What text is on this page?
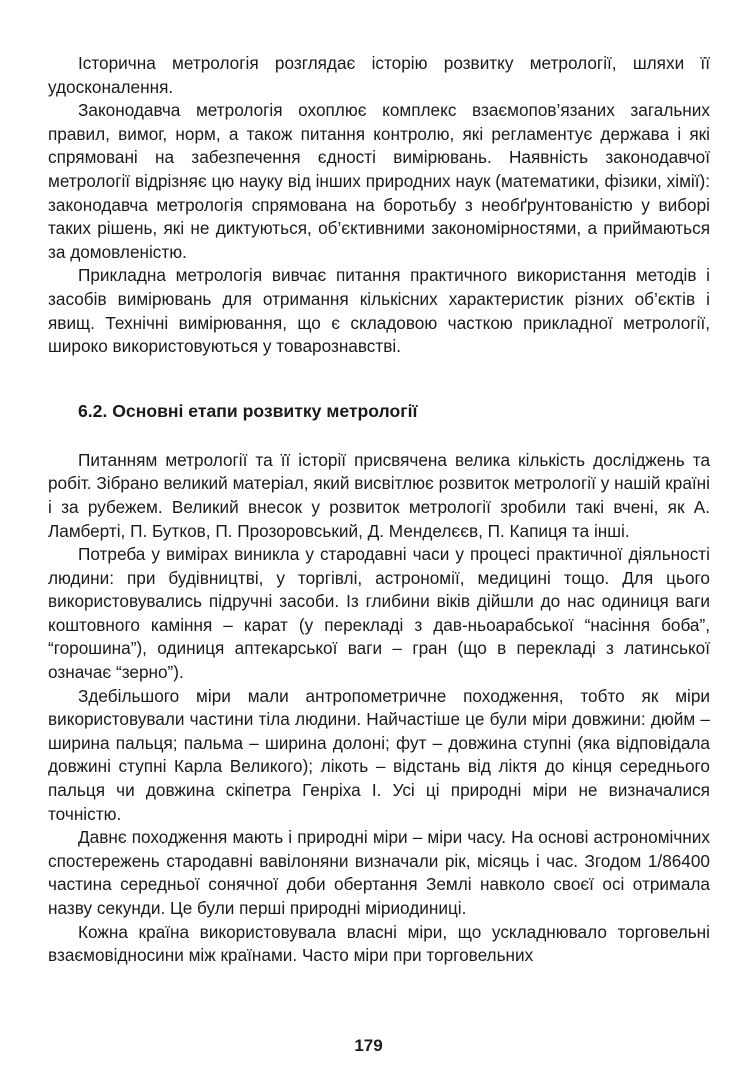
Історична метрологія розглядає історію розвитку метрології, шляхи її удосконалення.

Законодавча метрологія охоплює комплекс взаємопов’язаних загальних правил, вимог, норм, а також питання контролю, які регламентує держава і які спрямовані на забезпечення єдності вимірювань. Наявність законодавчої метрології відрізняє цю науку від інших природних наук (математики, фізики, хімії): законодавча метрологія спрямована на боротьбу з необґрунтованістю у виборі таких рішень, які не диктуються, об’єктивними закономірностями, а приймаються за домовленістю.

Прикладна метрологія вивчає питання практичного використання методів і засобів вимірювань для отримання кількісних характеристик різних об’єктів і явищ. Технічні вимірювання, що є складовою часткою прикладної метрології, широко використовуються у товарознавстві.

6.2. Основні етапи розвитку метрології

Питанням метрології та її історії присвячена велика кількість досліджень та робіт. Зібрано великий матеріал, який висвітлює розвиток метрології у нашій країні і за рубежем. Великий внесок у розвиток метрології зробили такі вчені, як А. Ламберті, П. Бутков, П. Прозоровський, Д. Менделєєв, П. Капиця та інші.

Потреба у вимірах виникла у стародавні часи у процесі практичної діяльності людини: при будівництві, у торгівлі, астрономії, медицині тощо. Для цього використовувались підручні засоби. Із глибини віків дійшли до нас одиниця ваги коштовного каміння – карат (у перекладі з дав-ньоарабської “насіння боба”, “горошина”), одиниця аптекарської ваги – гран (що в перекладі з латинської означає “зерно”).

Здебільшого міри мали антропометричне походження, тобто як міри використовували частини тіла людини. Найчастіше це були міри довжини: дюйм – ширина пальця; пальма – ширина долоні; фут – довжина ступні (яка відповідала довжині ступні Карла Великого); лікоть – відстань від ліктя до кінця середнього пальця чи довжина скіпетра Генріха I. Усі ці природні міри не визначалися точністю.

Давнє походження мають і природні міри – міри часу. На основі астрономічних спостережень стародавні вавілоняни визначали рік, місяць і час. Згодом 1/86400 частина середньої сонячної доби обертання Землі навколо своєї осі отримала назву секунди. Це були перші природні міриодиниці.

Кожна країна використовувала власні міри, що ускладнювало торговельні взаємовідносини між країнами. Часто міри при торговельних

179
